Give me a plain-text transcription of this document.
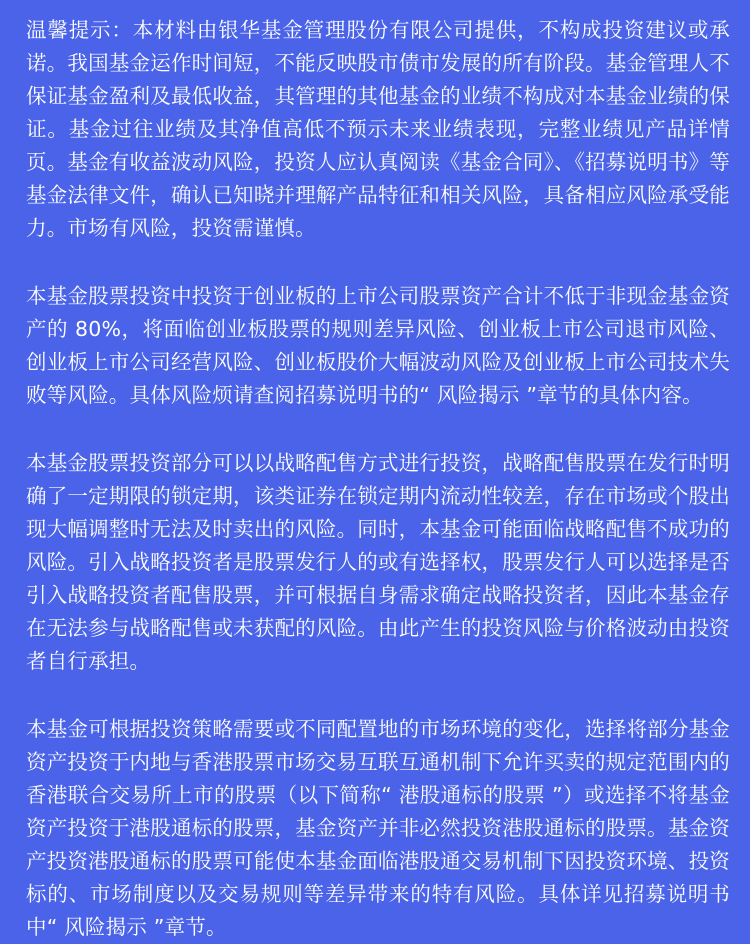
温馨提示：本材料由银华基金管理股份有限公司提供，不构成投资建议或承诺。我国基金运作时间短，不能反映股市债市发展的所有阶段。基金管理人不保证基金盈利及最低收益，其管理的其他基金的业绩不构成对本基金业绩的保证。基金过往业绩及其净值高低不预示未来业绩表现，完整业绩见产品详情页。基金有收益波动风险，投资人应认真阅读《基金合同》、《招募说明书》等基金法律文件，确认已知晓并理解产品特征和相关风险，具备相应风险承受能力。市场有风险，投资需谨慎。

本基金股票投资中投资于创业板的上市公司股票资产合计不低于非现金基金资产的 80%，将面临创业板股票的规则差异风险、创业板上市公司退市风险、创业板上市公司经营风险、创业板股价大幅波动风险及创业板上市公司技术失败等风险。具体风险烦请查阅招募说明书的“ 风险揭示 ”章节的具体内容。

本基金股票投资部分可以以战略配售方式进行投资，战略配售股票在发行时明确了一定期限的锁定期，该类证券在锁定期内流动性较差，存在市场或个股出现大幅调整时无法及时卖出的风险。同时，本基金可能面临战略配售不成功的风险。引入战略投资者是股票发行人的或有选择权，股票发行人可以选择是否引入战略投资者配售股票，并可根据自身需求确定战略投资者，因此本基金存在无法参与战略配售或未获配的风险。由此产生的投资风险与价格波动由投资者自行承担。

本基金可根据投资策略需要或不同配置地的市场环境的变化，选择将部分基金资产投资于内地与香港股票市场交易互联互通机制下允许买卖的规定范围内的香港联合交易所上市的股票（以下简称“ 港股通标的股票 ”）或选择不将基金资产投资于港股通标的股票，基金资产并非必然投资港股通标的股票。基金资产投资港股通标的股票可能使本基金面临港股通交易机制下因投资环境、投资标的、市场制度以及交易规则等差异带来的特有风险。具体详见招募说明书中“ 风险揭示 ”章节。
